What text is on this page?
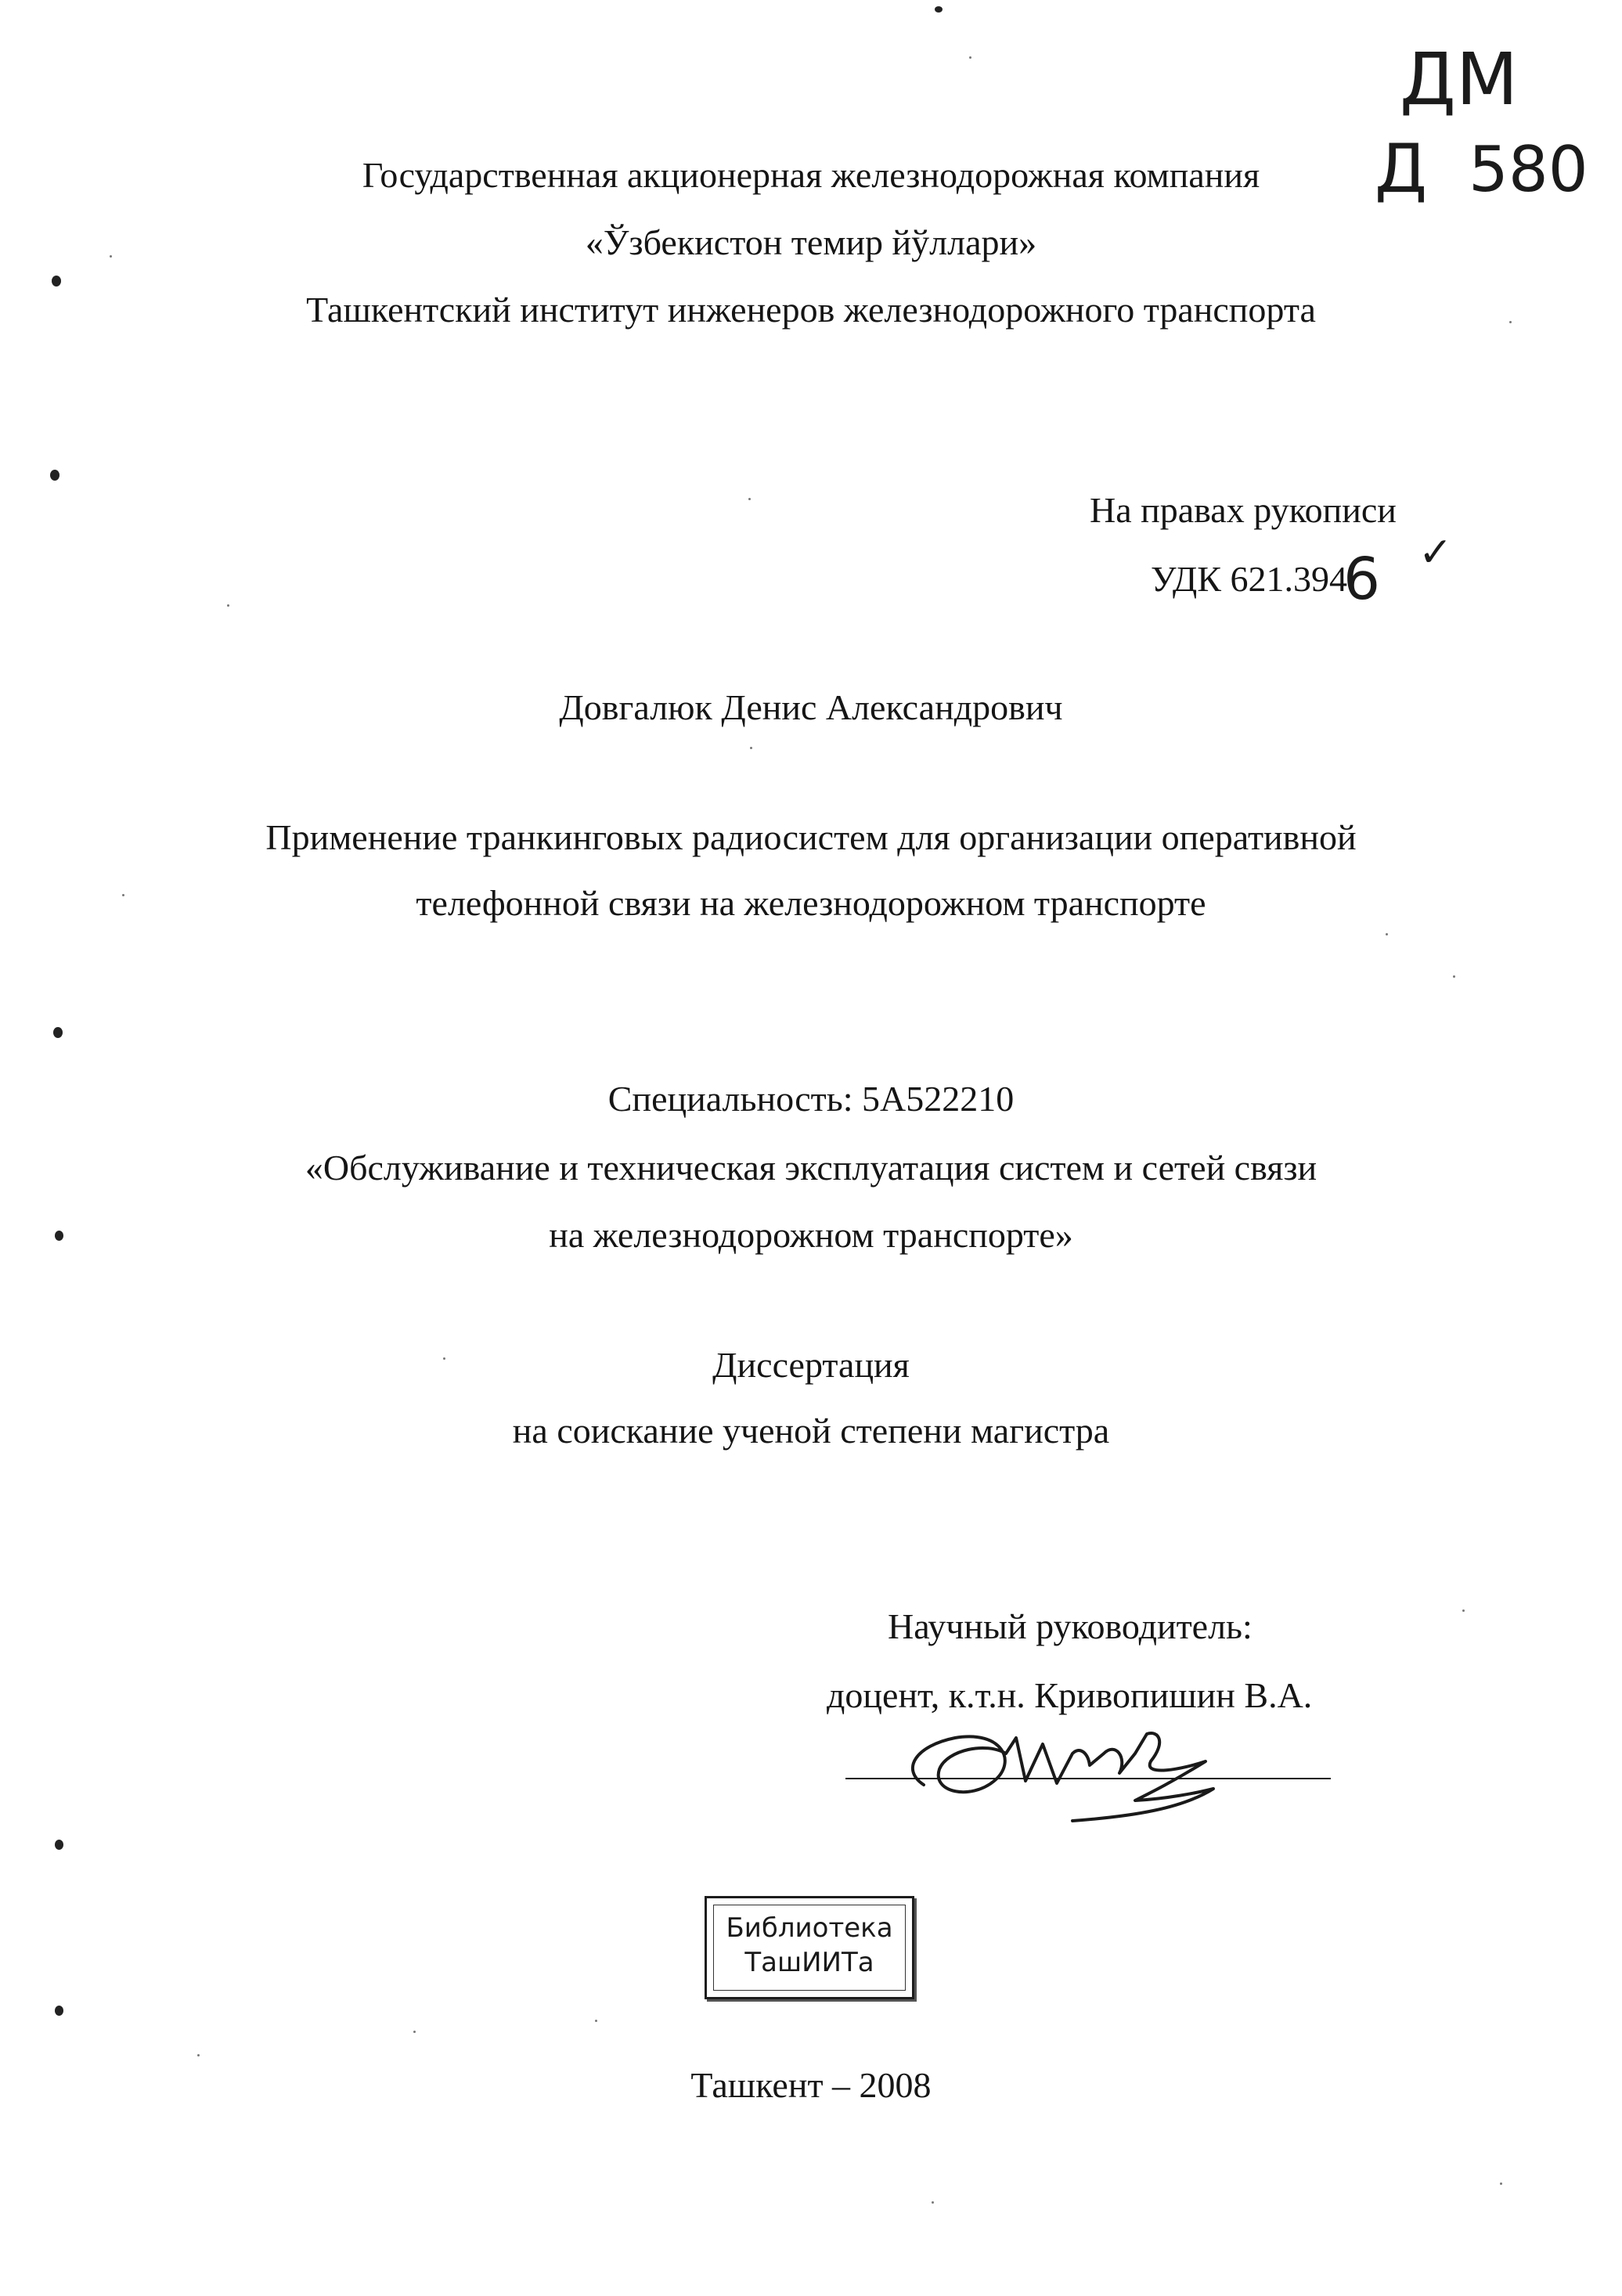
Государственная акционерная железнодорожная компания
«Ўзбекистон темир йўллари»
Ташкентский институт инженеров железнодорожного транспорта
ДМ
Д 580
На правах рукописи
УДК 621.394
6 ✓
Довгалюк Денис Александрович
Применение транкинговых радиосистем для организации оперативной
телефонной связи на железнодорожном транспорте
Специальность: 5А522210
«Обслуживание и техническая эксплуатация систем и сетей связи
на железнодорожном транспорте»
Диссертация
на соискание ученой степени магистра
Научный руководитель:
доцент, к.т.н. Кривопишин В.А.
Библиотека
ТашИИТа
Ташкент – 2008
